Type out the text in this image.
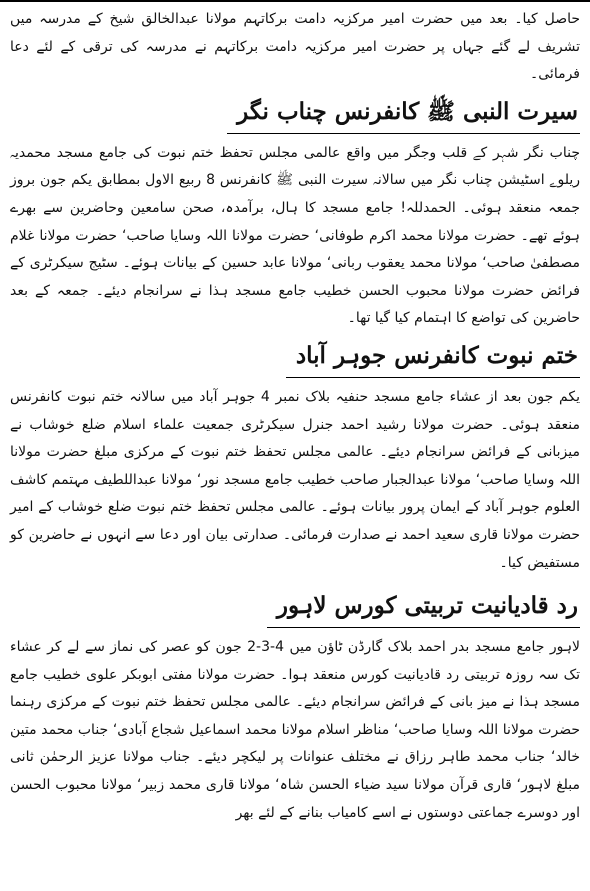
حاصل کیا۔ بعد میں حضرت امیر مرکزیہ دامت برکاتہم مولانا عبدالخالق شیخ کے مدرسہ میں تشریف لے گئے جہاں پر حضرت امیر مرکزیہ دامت برکاتہم نے مدرسہ کی ترقی کے لئے دعا فرمائی۔

سیرت النبی ﷺ کانفرنس چناب نگر

چناب نگر شہر کے قلب وجگر میں واقع عالمی مجلس تحفظ ختم نبوت کی جامع مسجد محمدیہ ریلوے اسٹیشن چناب نگر میں سالانہ سیرت النبی ﷺ کانفرنس 8 ربیع الاول بمطابق یکم جون بروز جمعہ منعقد ہوئی۔ الحمدللہ! جامع مسجد کا ہال، برآمدہ، صحن سامعین وحاضرین سے بھرے ہوئے تھے۔ حضرت مولانا محمد اکرم طوفانی‘ حضرت مولانا اللہ وسایا صاحب‘ حضرت مولانا غلام مصطفیٰ صاحب‘ مولانا محمد یعقوب ربانی‘ مولانا عابد حسین کے بیانات ہوئے۔ سٹیج سیکرٹری کے فرائض حضرت مولانا محبوب الحسن خطیب جامع مسجد ہذا نے سرانجام دیئے۔ جمعہ کے بعد حاضرین کی تواضع کا اہتمام کیا گیا تھا۔

ختم نبوت کانفرنس جوہر آباد

یکم جون بعد از عشاء جامع مسجد حنفیہ بلاک نمبر 4 جوہر آباد میں سالانہ ختم نبوت کانفرنس منعقد ہوئی۔ حضرت مولانا رشید احمد جنرل سیکرٹری جمعیت علماء اسلام ضلع خوشاب نے میزبانی کے فرائض سرانجام دیئے۔ عالمی مجلس تحفظ ختم نبوت کے مرکزی مبلغ حضرت مولانا اللہ وسایا صاحب‘ مولانا عبدالجبار صاحب خطیب جامع مسجد نور‘ مولانا عبداللطیف مہتمم کاشف العلوم جوہر آباد کے ایمان پرور بیانات ہوئے۔ عالمی مجلس تحفظ ختم نبوت ضلع خوشاب کے امیر حضرت مولانا قاری سعید احمد نے صدارت فرمائی۔ صدارتی بیان اور دعا سے انہوں نے حاضرین کو مستفیض کیا۔

رد قادیانیت تربیتی کورس لاہور

لاہور جامع مسجد بدر احمد بلاک گارڈن ٹاؤن میں 4-3-2 جون کو عصر کی نماز سے لے کر عشاء تک سہ روزہ تربیتی رد قادیانیت کورس منعقد ہوا۔ حضرت مولانا مفتی ابوبکر علوی خطیب جامع مسجد ہذا نے میز بانی کے فرائض سرانجام دیئے۔ عالمی مجلس تحفظ ختم نبوت کے مرکزی رہنما حضرت مولانا اللہ وسایا صاحب‘ مناظر اسلام مولانا محمد اسماعیل شجاع آبادی‘ جناب محمد متین خالد‘ جناب محمد طاہر رزاق نے مختلف عنوانات پر لیکچر دیئے۔ جناب مولانا عزیز الرحمٰن ثانی مبلغ لاہور‘ قاری قرآن مولانا سید ضیاء الحسن شاہ‘ مولانا قاری محمد زبیر‘ مولانا محبوب الحسن اور دوسرے جماعتی دوستوں نے اسے کامیاب بنانے کے لئے بھر
